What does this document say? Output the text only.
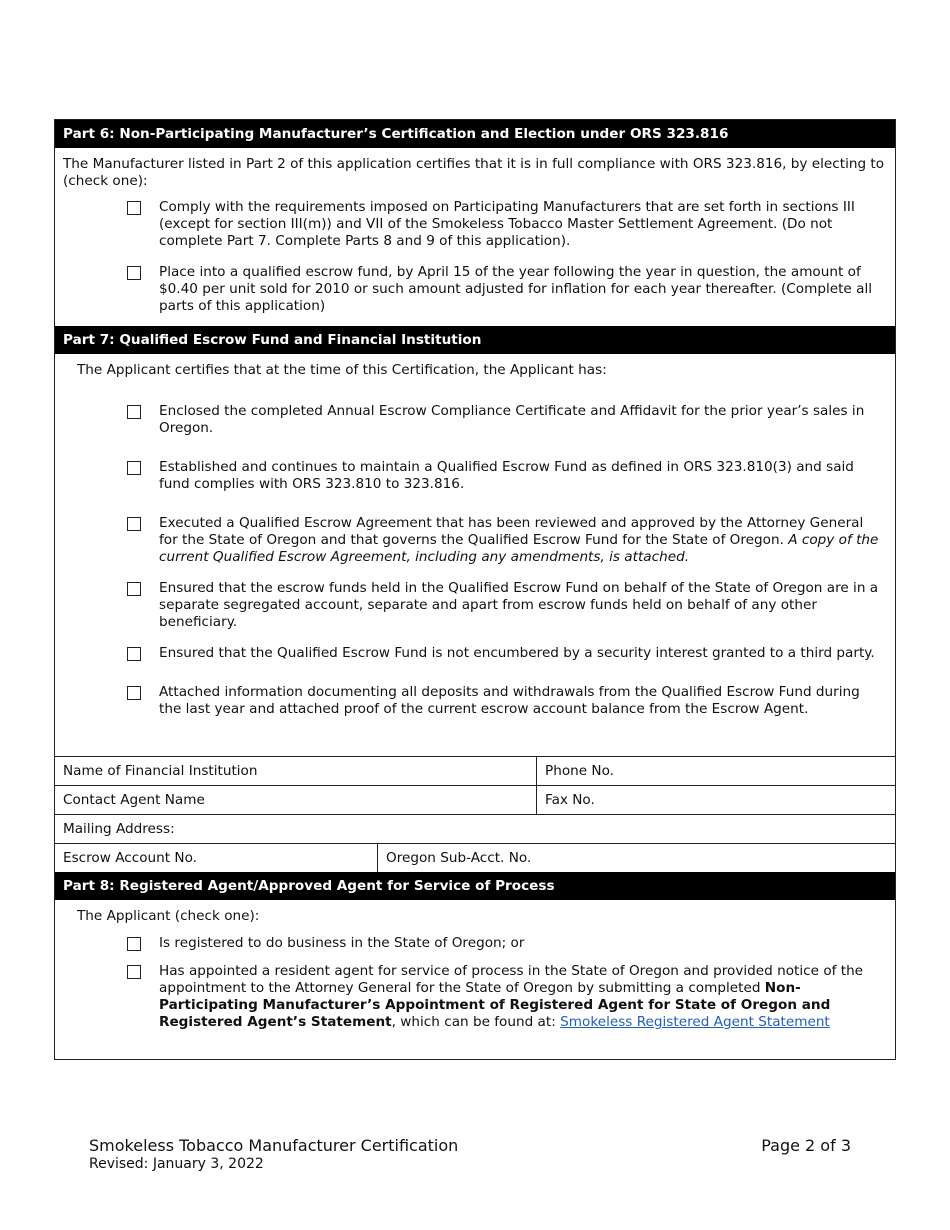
Part 6: Non-Participating Manufacturer’s Certification and Election under ORS 323.816
The Manufacturer listed in Part 2 of this application certifies that it is in full compliance with ORS 323.816, by electing to (check one):
Comply with the requirements imposed on Participating Manufacturers that are set forth in sections III (except for section III(m)) and VII of the Smokeless Tobacco Master Settlement Agreement. (Do not complete Part 7. Complete Parts 8 and 9 of this application).
Place into a qualified escrow fund, by April 15 of the year following the year in question, the amount of $0.40 per unit sold for 2010 or such amount adjusted for inflation for each year thereafter. (Complete all parts of this application)
Part 7: Qualified Escrow Fund and Financial Institution
The Applicant certifies that at the time of this Certification, the Applicant has:
Enclosed the completed Annual Escrow Compliance Certificate and Affidavit for the prior year’s sales in Oregon.
Established and continues to maintain a Qualified Escrow Fund as defined in ORS 323.810(3) and said fund complies with ORS 323.810 to 323.816.
Executed a Qualified Escrow Agreement that has been reviewed and approved by the Attorney General for the State of Oregon and that governs the Qualified Escrow Fund for the State of Oregon. A copy of the current Qualified Escrow Agreement, including any amendments, is attached.
Ensured that the escrow funds held in the Qualified Escrow Fund on behalf of the State of Oregon are in a separate segregated account, separate and apart from escrow funds held on behalf of any other beneficiary.
Ensured that the Qualified Escrow Fund is not encumbered by a security interest granted to a third party.
Attached information documenting all deposits and withdrawals from the Qualified Escrow Fund during the last year and attached proof of the current escrow account balance from the Escrow Agent.
Name of Financial Institution	Phone No.
Contact Agent Name	Fax No.
Mailing Address:
Escrow Account No.	Oregon Sub-Acct. No.
Part 8: Registered Agent/Approved Agent for Service of Process
The Applicant (check one):
Is registered to do business in the State of Oregon; or
Has appointed a resident agent for service of process in the State of Oregon and provided notice of the appointment to the Attorney General for the State of Oregon by submitting a completed Non-Participating Manufacturer’s Appointment of Registered Agent for State of Oregon and Registered Agent’s Statement, which can be found at: Smokeless Registered Agent Statement
Smokeless Tobacco Manufacturer Certification
Revised: January 3, 2022
Page 2 of 3
